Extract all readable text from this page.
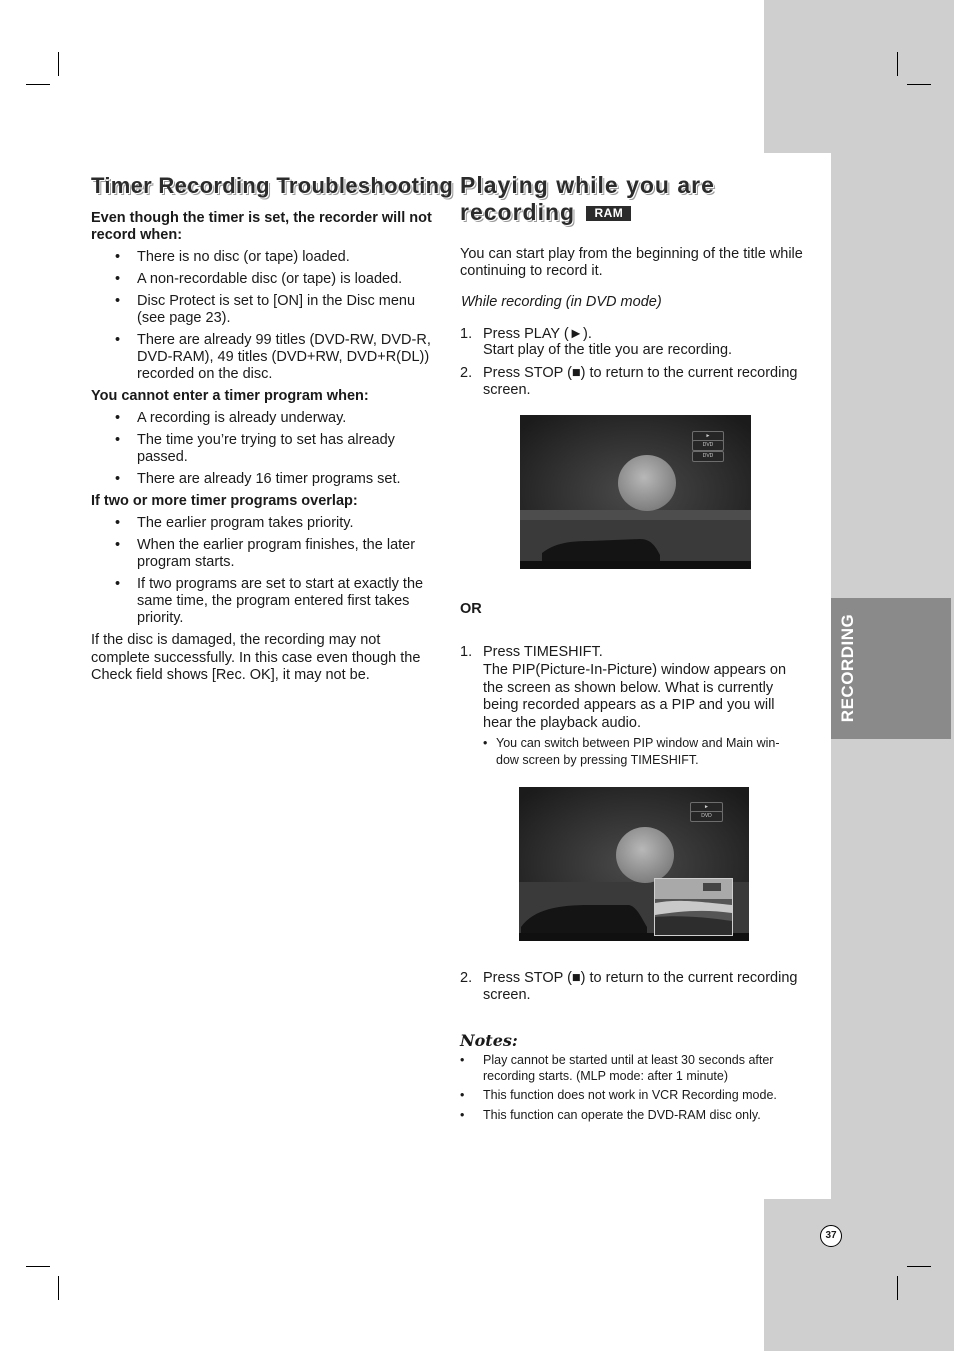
RECORDING
37
Timer Recording Troubleshooting
Even though the timer is set, the recorder will not record when:
• There is no disc (or tape) loaded.
• A non-recordable disc (or tape) is loaded.
• Disc Protect is set to [ON] in the Disc menu (see page 23).
• There are already 99 titles (DVD-RW, DVD-R, DVD-RAM), 49 titles (DVD+RW, DVD+R(DL)) recorded on the disc.
You cannot enter a timer program when:
• A recording is already underway.
• The time you’re trying to set has already passed.
• There are already 16 timer programs set.
If two or more timer programs overlap:
• The earlier program takes priority.
• When the earlier program finishes, the later program starts.
• If two programs are set to start at exactly the same time, the program entered first takes priority.
If the disc is damaged, the recording may not complete successfully. In this case even though the Check field shows [Rec. OK], it may not be.
Playing while you are
recording RAM
You can start play from the beginning of the title while continuing to record it.
While recording (in DVD mode)
1. Press PLAY (►).
Start play of the title you are recording.
2. Press STOP (■) to return to the current recording screen.
►
DVD
DVD
OR
1. Press TIMESHIFT.
The PIP(Picture-In-Picture) window appears on the screen as shown below. What is currently being recorded appears as a PIP and you will hear the playback audio.
• You can switch between PIP window and Main win-dow screen by pressing TIMESHIFT.
►
DVD
2. Press STOP (■) to return to the current recording screen.
Notes:
• Play cannot be started until at least 30 seconds after recording starts. (MLP mode: after 1 minute)
• This function does not work in VCR Recording mode.
• This function can operate the DVD-RAM disc only.
